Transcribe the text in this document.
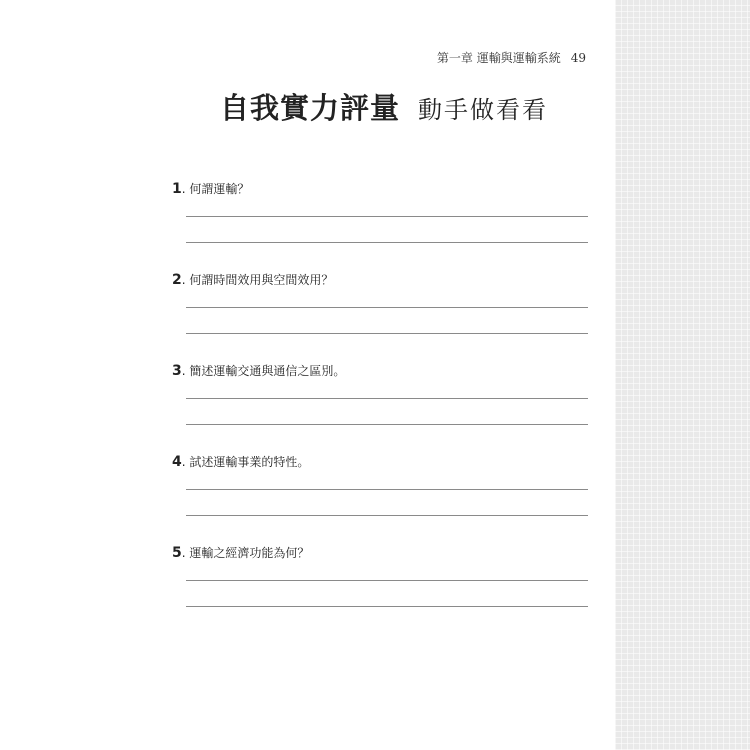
第一章 運輸與運輸系統 49
自我實力評量 動手做看看
1. 何謂運輸？
2. 何謂時間效用與空間效用？
3. 簡述運輸交通與通信之區別。
4. 試述運輸事業的特性。
5. 運輸之經濟功能為何？
